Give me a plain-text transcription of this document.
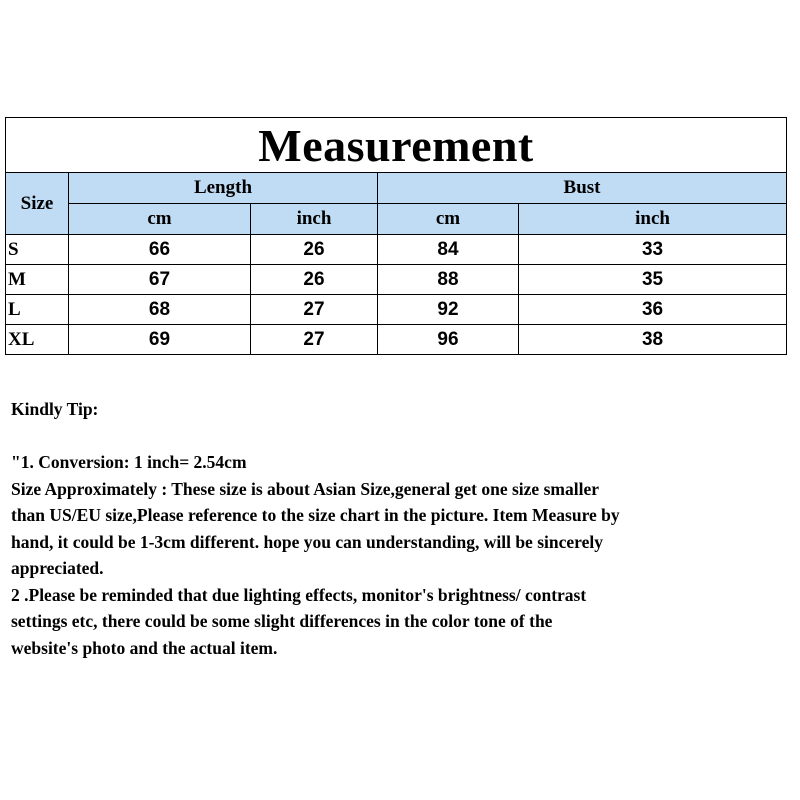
Measurement				
Size	Length		Bust	
	cm	inch	cm	inch
S	66	26	84	33
M	67	26	88	35
L	68	27	92	36
XL	69	27	96	38

Kindly Tip:

"1. Conversion: 1 inch= 2.54cm

Size Approximately : These size is about Asian Size,general get one size smaller

than US/EU size,Please reference to the size chart in the picture. Item Measure by

hand, it could be 1-3cm different. hope you can understanding, will be sincerely

appreciated.

2 .Please be reminded that due lighting effects, monitor's brightness/ contrast

settings etc, there could be some slight differences in the color tone of the

website's photo and the actual item.
